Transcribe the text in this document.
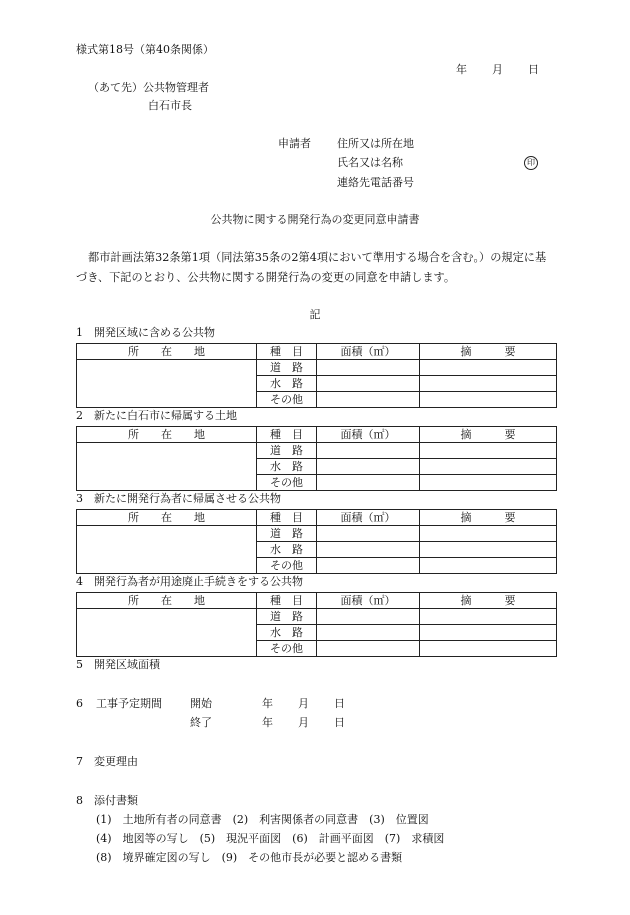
様式第18号（第40条関係）
年 月 日
（あて先）公共物管理者
白石市長
申請者 住所又は所在地
氏名又は名称	印
連絡先電話番号
公共物に関する開発行為の変更同意申請書
都市計画法第32条第1項（同法第35条の2第4項において準用する場合を含む。）の規定に基づき、下記のとおり、公共物に関する開発行為の変更の同意を申請します。
記
1　 開発区域に含める公共物
所　　在　　地	種　目	面積（㎡）	摘　　　要
	道　路		
	水　路		
	その他		
2　 新たに白石市に帰属する土地
所　　在　　地	種　目	面積（㎡）	摘　　　要
	道　路		
	水　路		
	その他		
3　 新たに開発行為者に帰属させる公共物
所　　在　　地	種　目	面積（㎡）	摘　　　要
	道　路		
	水　路		
	その他		
4　 開発行為者が用途廃止手続きをする公共物
所　　在　　地	種　目	面積（㎡）	摘　　　要
	道　路		
	水　路		
	その他		
5　 開発区域面積
6 工事予定期間	開始	年 月 日
終了	年 月 日
7　 変更理由
8　 添付書類
(1)　土地所有者の同意書　(2)　利害関係者の同意書　(3)　位置図
(4)　地図等の写し　(5)　現況平面図　(6)　計画平面図　(7)　求積図
(8)　境界確定図の写し　(9)　その他市長が必要と認める書類
